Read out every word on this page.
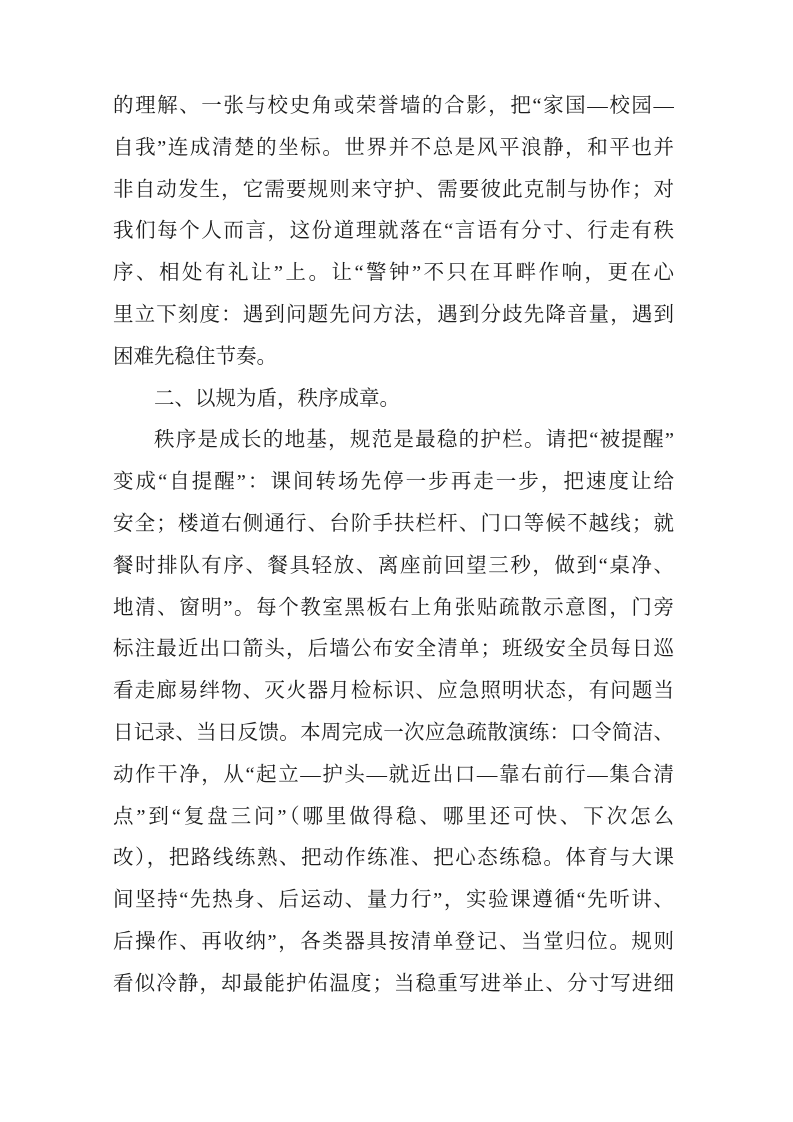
的理解、一张与校史角或荣誉墙的合影，把“家国—校园—
自我”连成清楚的坐标。世界并不总是风平浪静，和平也并
非自动发生，它需要规则来守护、需要彼此克制与协作；对
我们每个人而言，这份道理就落在“言语有分寸、行走有秩
序、相处有礼让”上。让“警钟”不只在耳畔作响，更在心
里立下刻度：遇到问题先问方法，遇到分歧先降音量，遇到
困难先稳住节奏。
二、以规为盾，秩序成章。
秩序是成长的地基，规范是最稳的护栏。请把“被提醒”
变成“自提醒”：课间转场先停一步再走一步，把速度让给
安全；楼道右侧通行、台阶手扶栏杆、门口等候不越线；就
餐时排队有序、餐具轻放、离座前回望三秒，做到“桌净、
地清、窗明”。每个教室黑板右上角张贴疏散示意图，门旁
标注最近出口箭头，后墙公布安全清单；班级安全员每日巡
看走廊易绊物、灭火器月检标识、应急照明状态，有问题当
日记录、当日反馈。本周完成一次应急疏散演练：口令简洁、
动作干净，从“起立—护头—就近出口—靠右前行—集合清
点”到“复盘三问”（哪里做得稳、哪里还可快、下次怎么
改），把路线练熟、把动作练准、把心态练稳。体育与大课
间坚持“先热身、后运动、量力行”，实验课遵循“先听讲、
后操作、再收纳”，各类器具按清单登记、当堂归位。规则
看似冷静，却最能护佑温度；当稳重写进举止、分寸写进细
